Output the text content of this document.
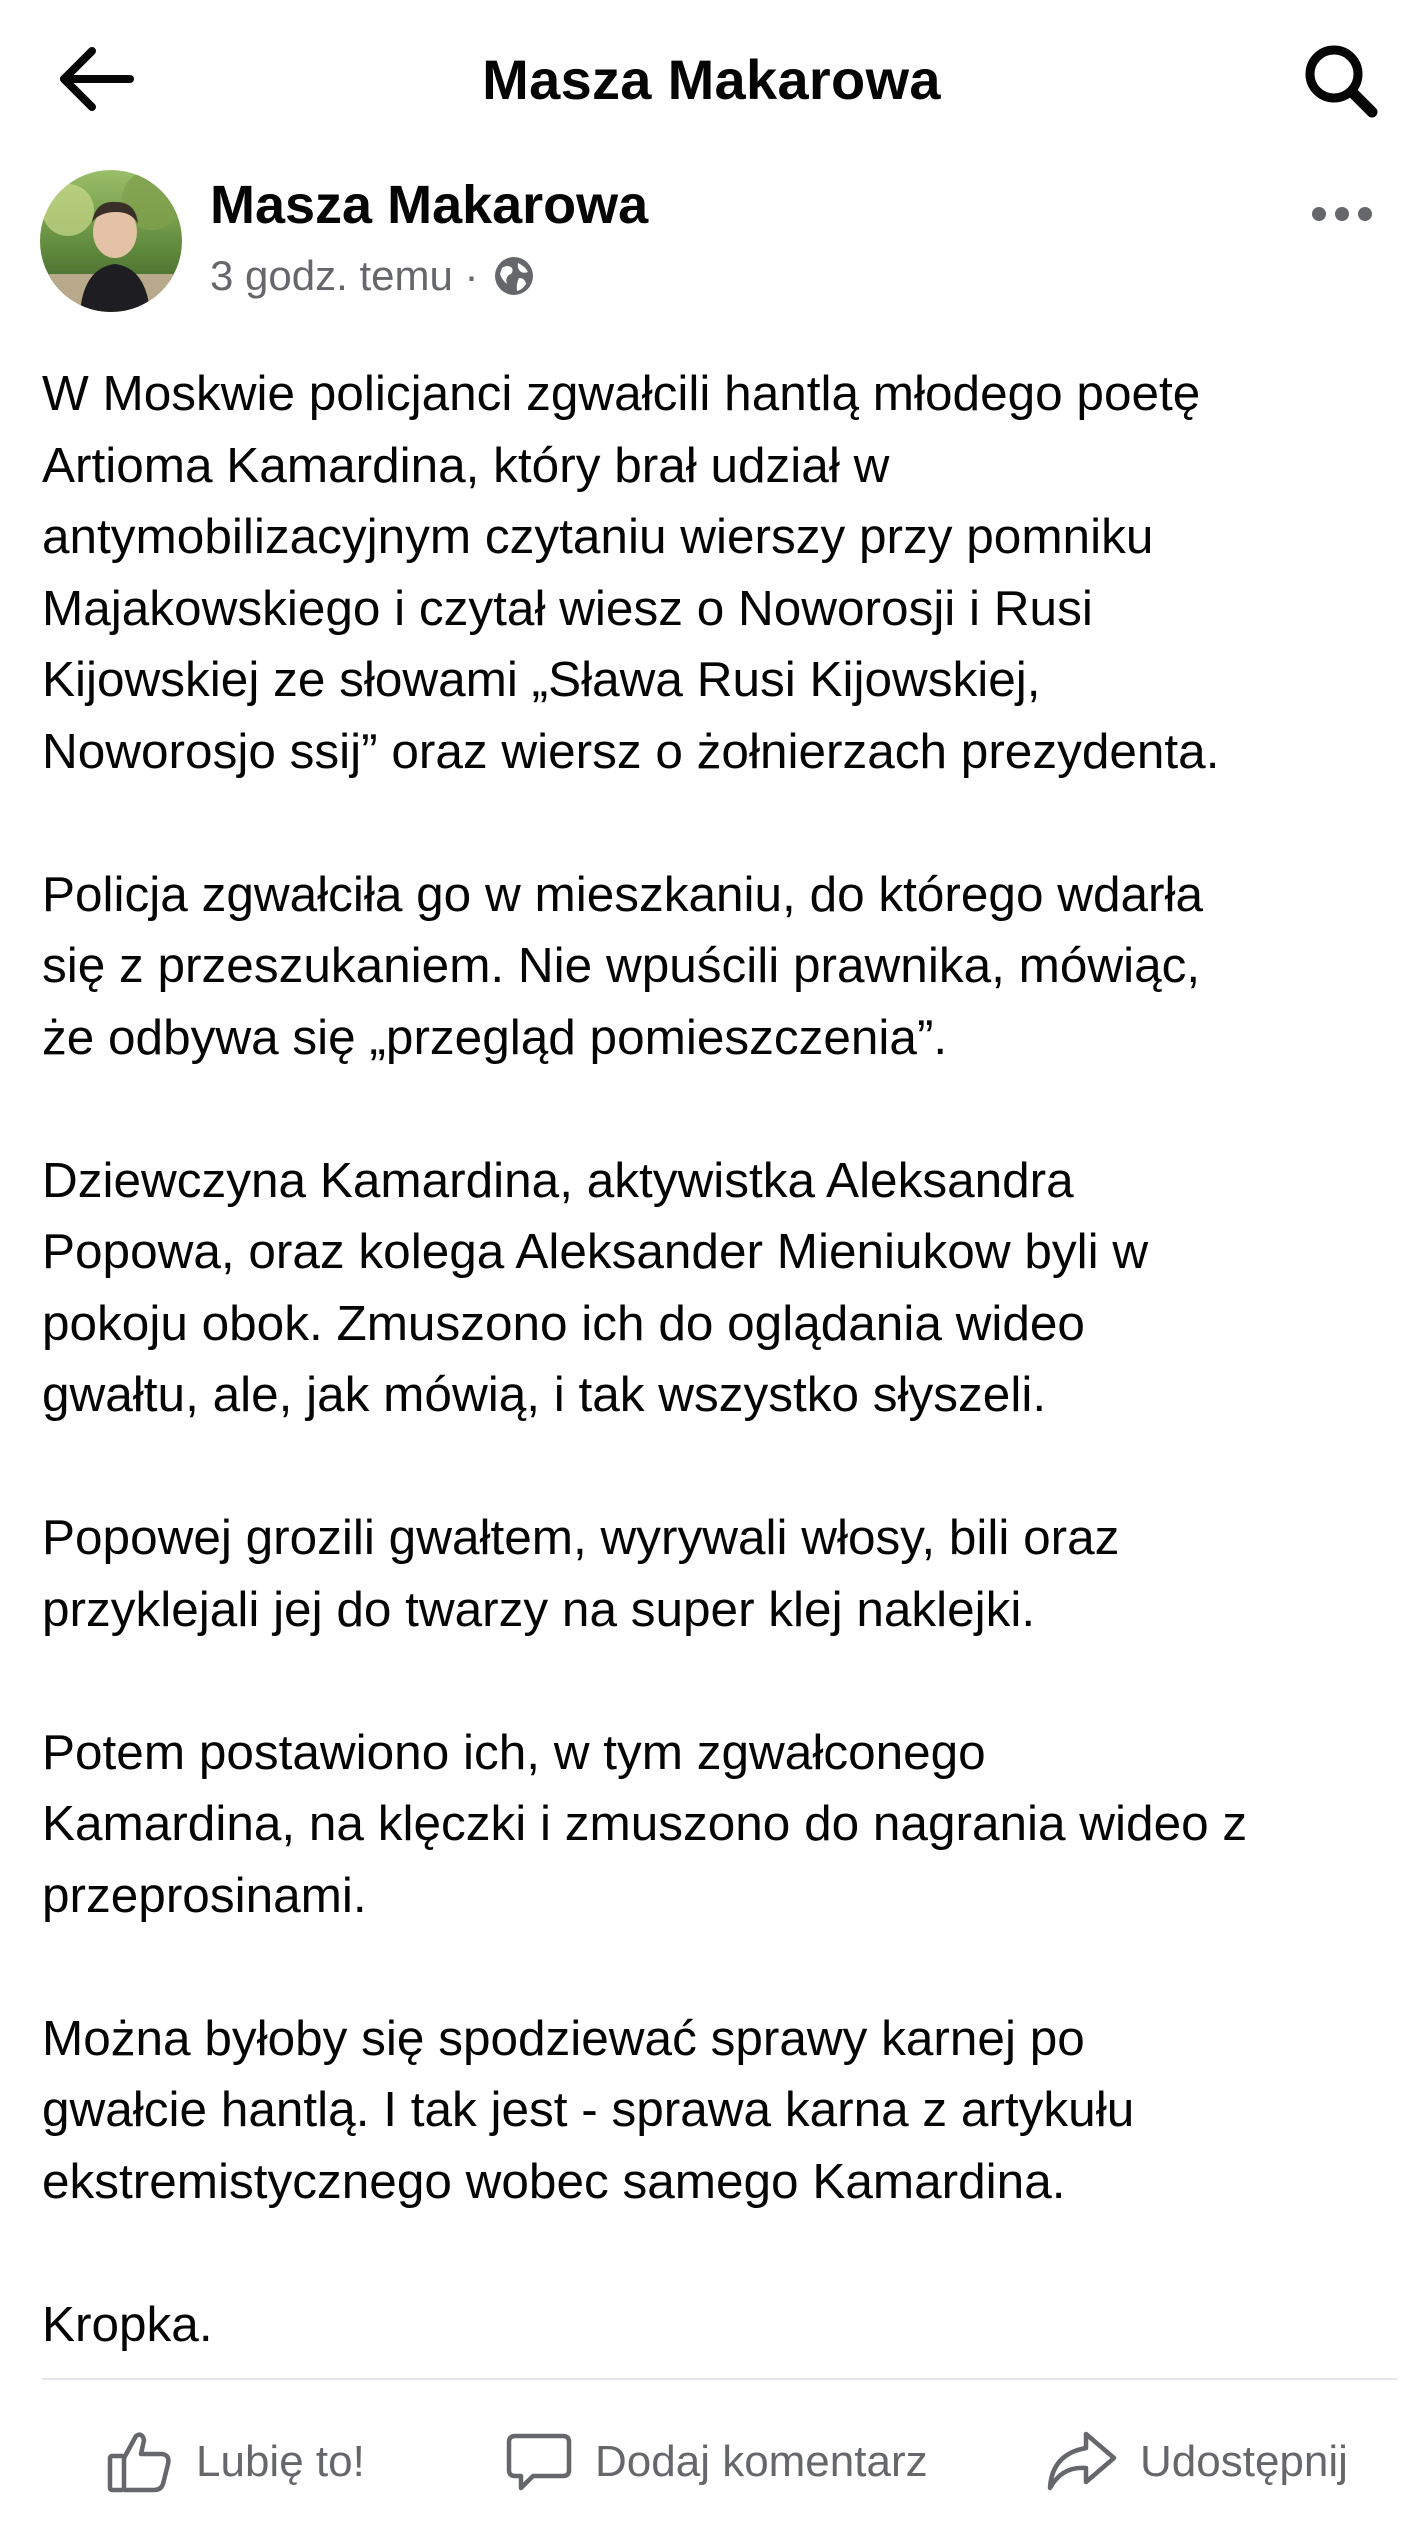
Masza Makarowa
Masza Makarowa
3 godz. temu ·

W Moskwie policjanci zgwałcili hantlą młodego poetę
Artioma Kamardina, który brał udział w
antymobilizacyjnym czytaniu wierszy przy pomniku
Majakowskiego i czytał wiesz o Noworosji i Rusi
Kijowskiej ze słowami „Sława Rusi Kijowskiej,
Noworosjo ssij” oraz wiersz o żołnierzach prezydenta.

Policja zgwałciła go w mieszkaniu, do którego wdarła
się z przeszukaniem. Nie wpuścili prawnika, mówiąc,
że odbywa się „przegląd pomieszczenia”.

Dziewczyna Kamardina, aktywistka Aleksandra
Popowa, oraz kolega Aleksander Mieniukow byli w
pokoju obok. Zmuszono ich do oglądania wideo
gwałtu, ale, jak mówią, i tak wszystko słyszeli.

Popowej grozili gwałtem, wyrywali włosy, bili oraz
przyklejali jej do twarzy na super klej naklejki.

Potem postawiono ich, w tym zgwałconego
Kamardina, na klęczki i zmuszono do nagrania wideo z
przeprosinami.

Można byłoby się spodziewać sprawy karnej po
gwałcie hantlą. I tak jest - sprawa karna z artykułu
ekstremistycznego wobec samego Kamardina.

Kropka.

Lubię to!	Dodaj komentarz	Udostępnij
